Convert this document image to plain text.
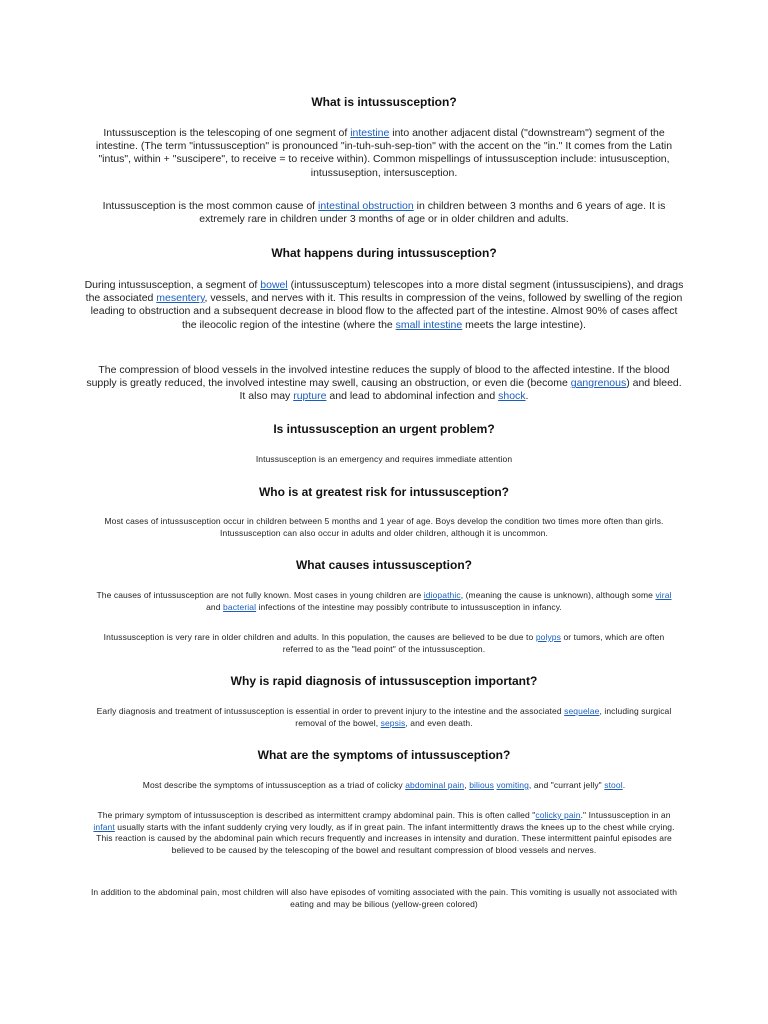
What is intussusception?

Intussusception is the telescoping of one segment of intestine into another adjacent distal ("downstream") segment of the intestine. (The term "intussusception" is pronounced "in-tuh-suh-sep-tion" with the accent on the "in." It comes from the Latin "intus", within + "suscipere", to receive = to receive within). Common mispellings of intussusception include: intususception, intussuseption, intersusception.

Intussusception is the most common cause of intestinal obstruction in children between 3 months and 6 years of age. It is extremely rare in children under 3 months of age or in older children and adults.

What happens during intussusception?

During intussusception, a segment of bowel (intussusceptum) telescopes into a more distal segment (intussuscipiens), and drags the associated mesentery, vessels, and nerves with it. This results in compression of the veins, followed by swelling of the region leading to obstruction and a subsequent decrease in blood flow to the affected part of the intestine. Almost 90% of cases affect the ileocolic region of the intestine (where the small intestine meets the large intestine).

The compression of blood vessels in the involved intestine reduces the supply of blood to the affected intestine. If the blood supply is greatly reduced, the involved intestine may swell, causing an obstruction, or even die (become gangrenous) and bleed. It also may rupture and lead to abdominal infection and shock.

Is intussusception an urgent problem?

Intussusception is an emergency and requires immediate attention

Who is at greatest risk for intussusception?

Most cases of intussusception occur in children between 5 months and 1 year of age. Boys develop the condition two times more often than girls. Intussusception can also occur in adults and older children, although it is uncommon.

What causes intussusception?

The causes of intussusception are not fully known. Most cases in young children are idiopathic, (meaning the cause is unknown), although some viral and bacterial infections of the intestine may possibly contribute to intussusception in infancy.

Intussusception is very rare in older children and adults. In this population, the causes are believed to be due to polyps or tumors, which are often referred to as the "lead point" of the intussusception.

Why is rapid diagnosis of intussusception important?

Early diagnosis and treatment of intussusception is essential in order to prevent injury to the intestine and the associated sequelae, including surgical removal of the bowel, sepsis, and even death.

What are the symptoms of intussusception?

Most describe the symptoms of intussusception as a triad of colicky abdominal pain, bilious vomiting, and "currant jelly" stool.

The primary symptom of intussusception is described as intermittent crampy abdominal pain. This is often called "colicky pain." Intussusception in an infant usually starts with the infant suddenly crying very loudly, as if in great pain. The infant intermittently draws the knees up to the chest while crying. This reaction is caused by the abdominal pain which recurs frequently and increases in intensity and duration. These intermittent painful episodes are believed to be caused by the telescoping of the bowel and resultant compression of blood vessels and nerves.

In addition to the abdominal pain, most children will also have episodes of vomiting associated with the pain. This vomiting is usually not associated with eating and may be bilious (yellow-green colored)
